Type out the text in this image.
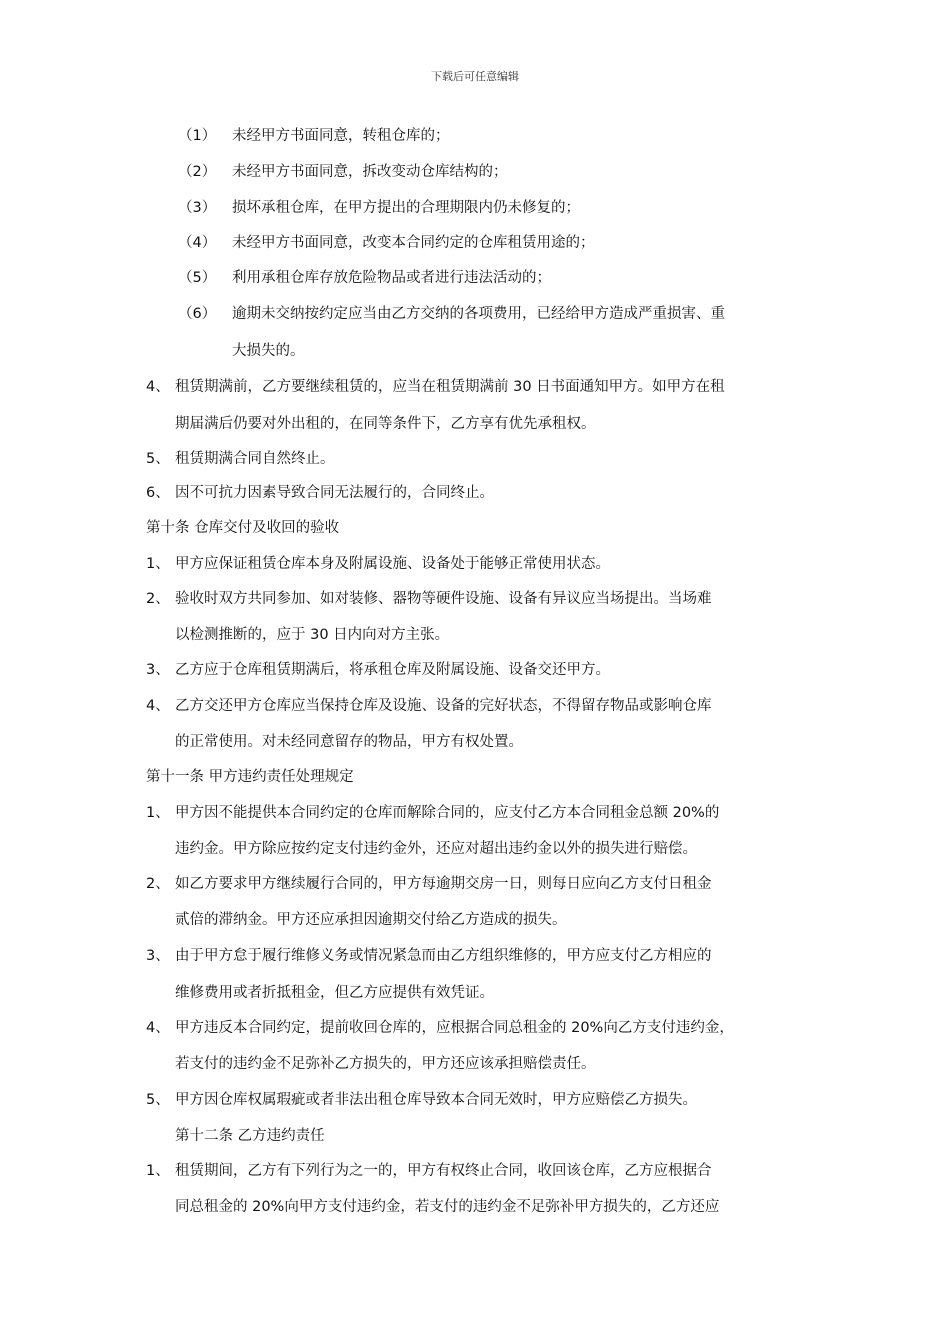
下载后可任意编辑
（1） 未经甲方书面同意，转租仓库的；
（2） 未经甲方书面同意，拆改变动仓库结构的；
（3） 损坏承租仓库，在甲方提出的合理期限内仍未修复的；
（4） 未经甲方书面同意，改变本合同约定的仓库租赁用途的；
（5） 利用承租仓库存放危险物品或者进行违法活动的；
（6） 逾期未交纳按约定应当由乙方交纳的各项费用，已经给甲方造成严重损害、重
大损失的。
4、 租赁期满前，乙方要继续租赁的，应当在租赁期满前 30 日书面通知甲方。如甲方在租
期届满后仍要对外出租的，在同等条件下，乙方享有优先承租权。
5、 租赁期满合同自然终止。
6、 因不可抗力因素导致合同无法履行的，合同终止。
第十条 仓库交付及收回的验收
1、 甲方应保证租赁仓库本身及附属设施、设备处于能够正常使用状态。
2、 验收时双方共同参加、如对装修、器物等硬件设施、设备有异议应当场提出。当场难
以检测推断的，应于 30 日内向对方主张。
3、 乙方应于仓库租赁期满后，将承租仓库及附属设施、设备交还甲方。
4、 乙方交还甲方仓库应当保持仓库及设施、设备的完好状态，不得留存物品或影响仓库
的正常使用。对未经同意留存的物品，甲方有权处置。
第十一条 甲方违约责任处理规定
1、 甲方因不能提供本合同约定的仓库而解除合同的，应支付乙方本合同租金总额 20%的
违约金。甲方除应按约定支付违约金外，还应对超出违约金以外的损失进行赔偿。
2、 如乙方要求甲方继续履行合同的，甲方每逾期交房一日，则每日应向乙方支付日租金
贰倍的滞纳金。甲方还应承担因逾期交付给乙方造成的损失。
3、 由于甲方怠于履行维修义务或情况紧急而由乙方组织维修的，甲方应支付乙方相应的
维修费用或者折抵租金，但乙方应提供有效凭证。
4、 甲方违反本合同约定，提前收回仓库的，应根据合同总租金的 20%向乙方支付违约金，
若支付的违约金不足弥补乙方损失的，甲方还应该承担赔偿责任。
5、 甲方因仓库权属瑕疵或者非法出租仓库导致本合同无效时，甲方应赔偿乙方损失。
第十二条 乙方违约责任
1、 租赁期间，乙方有下列行为之一的，甲方有权终止合同，收回该仓库，乙方应根据合
同总租金的 20%向甲方支付违约金，若支付的违约金不足弥补甲方损失的，乙方还应
